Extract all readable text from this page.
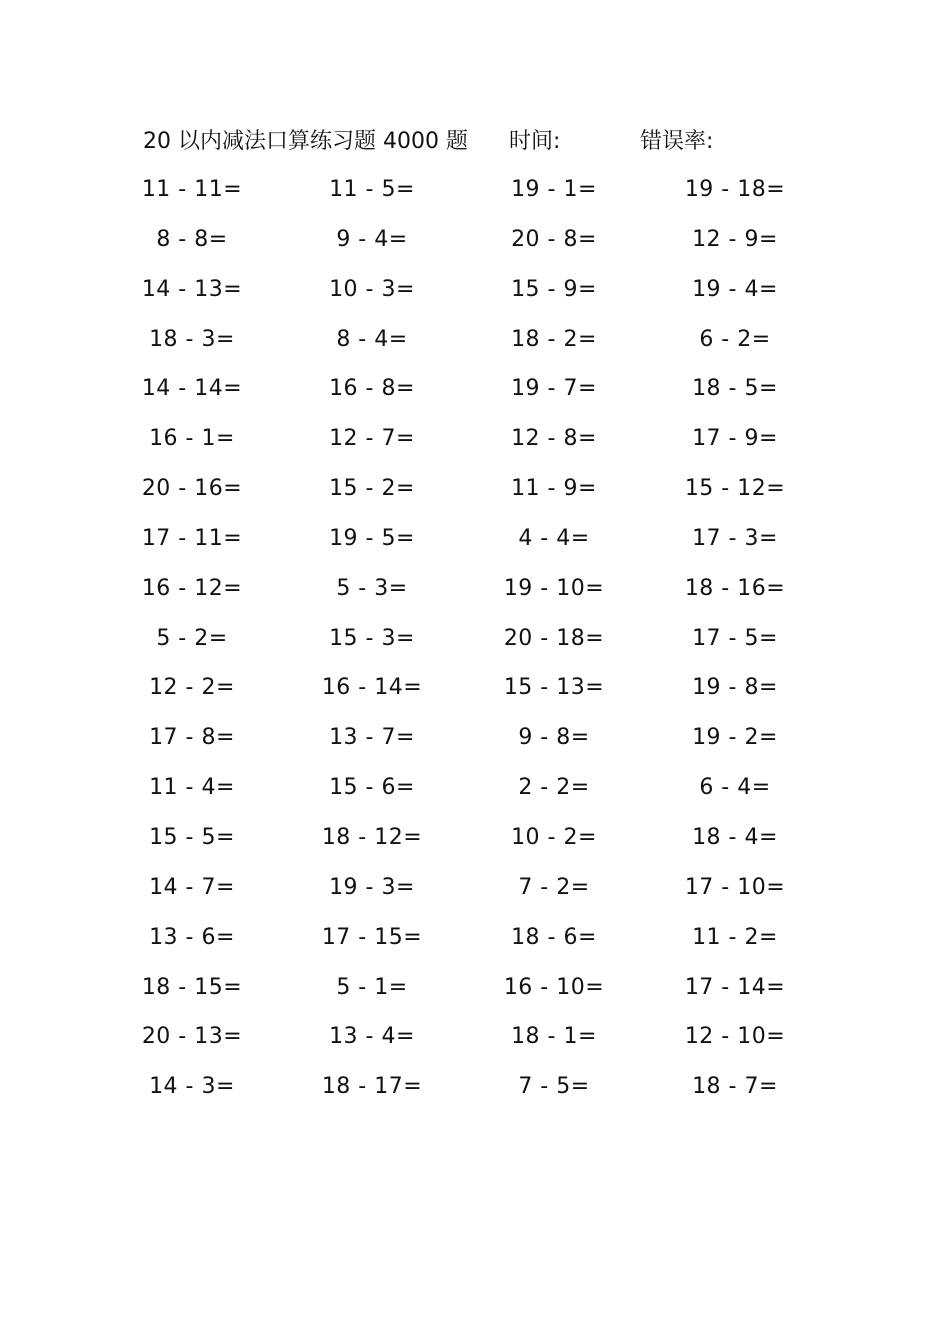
20 以内减法口算练习题 4000 题 时间:	错误率:
11 - 11=	11 - 5=	19 - 1=	19 - 18=
8 - 8=	9 - 4=	20 - 8=	12 - 9=
14 - 13=	10 - 3=	15 - 9=	19 - 4=
18 - 3=	8 - 4=	18 - 2=	6 - 2=
14 - 14=	16 - 8=	19 - 7=	18 - 5=
16 - 1=	12 - 7=	12 - 8=	17 - 9=
20 - 16=	15 - 2=	11 - 9=	15 - 12=
17 - 11=	19 - 5=	4 - 4=	17 - 3=
16 - 12=	5 - 3=	19 - 10=	18 - 16=
5 - 2=	15 - 3=	20 - 18=	17 - 5=
12 - 2=	16 - 14=	15 - 13=	19 - 8=
17 - 8=	13 - 7=	9 - 8=	19 - 2=
11 - 4=	15 - 6=	2 - 2=	6 - 4=
15 - 5=	18 - 12=	10 - 2=	18 - 4=
14 - 7=	19 - 3=	7 - 2=	17 - 10=
13 - 6=	17 - 15=	18 - 6=	11 - 2=
18 - 15=	5 - 1=	16 - 10=	17 - 14=
20 - 13=	13 - 4=	18 - 1=	12 - 10=
14 - 3=	18 - 17=	7 - 5=	18 - 7=
